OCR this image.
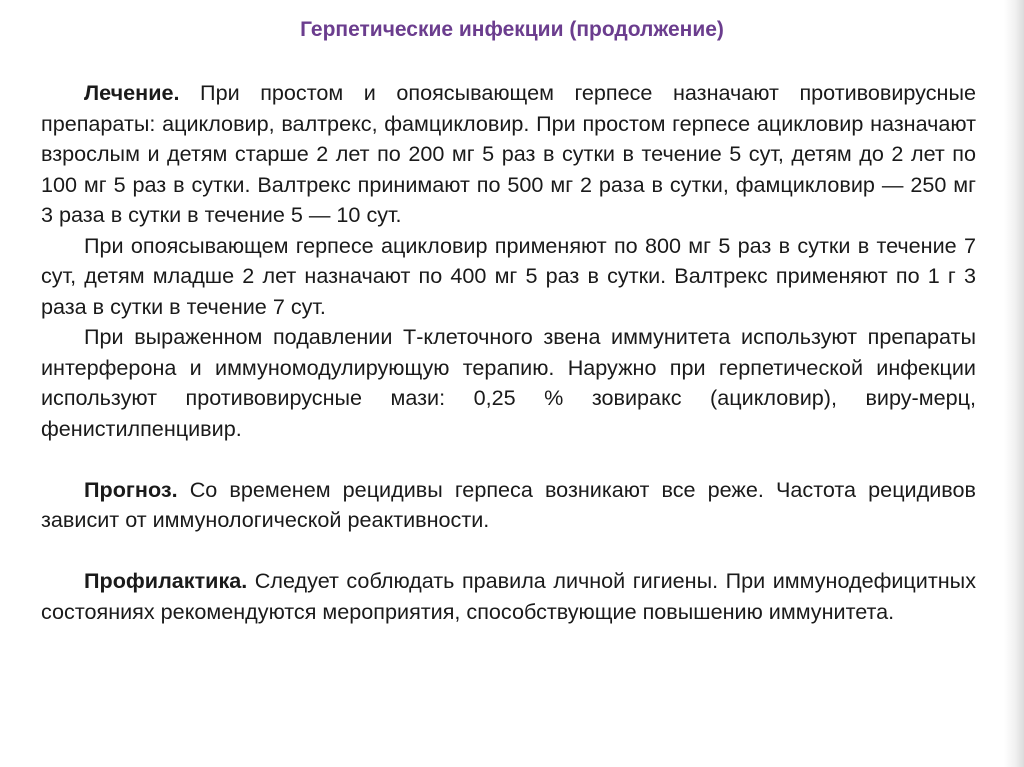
Герпетические инфекции (продолжение)

Лечение. При простом и опоясывающем герпесе назначают противовирусные препараты: ацикловир, валтрекс, фамцикловир. При простом герпесе ацикловир назначают взрослым и детям старше 2 лет по 200 мг 5 раз в сутки в течение 5 сут, детям до 2 лет по 100 мг 5 раз в сутки. Валтрекс принимают по 500 мг 2 раза в сутки, фамцикловир — 250 мг 3 раза в сутки в течение 5 — 10 сут.

При опоясывающем герпесе ацикловир применяют по 800 мг 5 раз в сутки в течение 7 сут, детям младше 2 лет назначают по 400 мг 5 раз в сутки. Валтрекс применяют по 1 г 3 раза в сутки в течение 7 сут.

При выраженном подавлении Т-клеточного звена иммунитета используют препараты интерферона и иммуномодулирующую терапию. Наружно при герпетической инфекции используют противовирусные мази: 0,25 % зовиракс (ацикловир), виру-мерц, фенистилпенцивир.

Прогноз. Со временем рецидивы герпеса возникают все реже. Частота рецидивов зависит от иммунологической реактивности.

Профилактика. Следует соблюдать правила личной гигиены. При иммунодефицитных состояниях рекомендуются мероприятия, способствующие повышению иммунитета.
